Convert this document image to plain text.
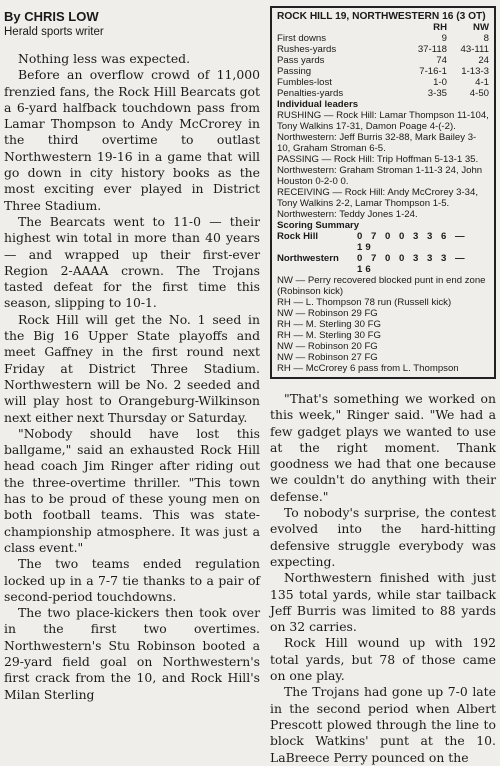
By CHRIS LOW
Herald sports writer

Nothing less was expected.

Before an overflow crowd of 11,000 frenzied fans, the Rock Hill Bearcats got a 6-yard halfback touchdown pass from Lamar Thompson to Andy McCrorey in the third overtime to outlast Northwestern 19-16 in a game that will go down in city history books as the most exciting ever played in District Three Stadium.

The Bearcats went to 11-0 — their highest win total in more than 40 years — and wrapped up their first-ever Region 2-AAAA crown. The Trojans tasted defeat for the first time this season, slipping to 10-1.

Rock Hill will get the No. 1 seed in the Big 16 Upper State playoffs and meet Gaffney in the first round next Friday at District Three Stadium. Northwestern will be No. 2 seeded and will play host to Orangeburg-Wilkinson next either next Thursday or Saturday.

"Nobody should have lost this ballgame," said an exhausted Rock Hill head coach Jim Ringer after riding out the three-overtime thriller. "This town has to be proud of these young men on both football teams. This was state-championship atmosphere. It was just a class event."

The two teams ended regulation locked up in a 7-7 tie thanks to a pair of second-period touchdowns.

The two place-kickers then took over in the first two overtimes. Northwestern's Stu Robinson booted a 29-yard field goal on Northwestern's first crack from the 10, and Rock Hill's Milan Sterling

ROCK HILL 19, NORTHWESTERN 16 (3 OT)
RH	NW
First downs	9	8
Rushes-yards	37-118	43-111
Pass yards	74	24
Passing	7-16-1	1-13-3
Fumbles-lost	1-0	4-1
Penalties-yards	3-35	4-50
Individual leaders
RUSHING — Rock Hill: Lamar Thompson 11-104, Tony Walkins 17-31, Damon Poage 4-(-2). Northwestern: Jeff Burris 32-88, Mark Bailey 3-10, Graham Stroman 6-5.
PASSING — Rock Hill: Trip Hoffman 5-13-1 35. Northwestern: Graham Stroman 1-11-3 24, John Houston 0-2-0 0.
RECEIVING — Rock Hill: Andy McCrorey 3-34, Tony Walkins 2-2, Lamar Thompson 1-5. Northwestern: Teddy Jones 1-24.
Scoring Summary
Rock Hill	0 7 0 0 3 3 6 — 19
Northwestern	0 7 0 0 3 3 3 — 16
NW — Perry recovered blocked punt in end zone (Robinson kick)
RH — L. Thompson 78 run (Russell kick)
NW — Robinson 29 FG
RH — M. Sterling 30 FG
RH — M. Sterling 30 FG
NW — Robinson 20 FG
NW — Robinson 27 FG
RH — McCrorey 6 pass from L. Thompson

"That's something we worked on this week," Ringer said. "We had a few gadget plays we wanted to use at the right moment. Thank goodness we had that one because we couldn't do anything with their defense."

To nobody's surprise, the contest evolved into the hard-hitting defensive struggle everybody was expecting.

Northwestern finished with just 135 total yards, while star tailback Jeff Burris was limited to 88 yards on 32 carries.

Rock Hill wound up with 192 total yards, but 78 of those came on one play.

The Trojans had gone up 7-0 late in the second period when Albert Prescott plowed through the line to block Watkins' punt at the 10. LaBreece Perry pounced on the
